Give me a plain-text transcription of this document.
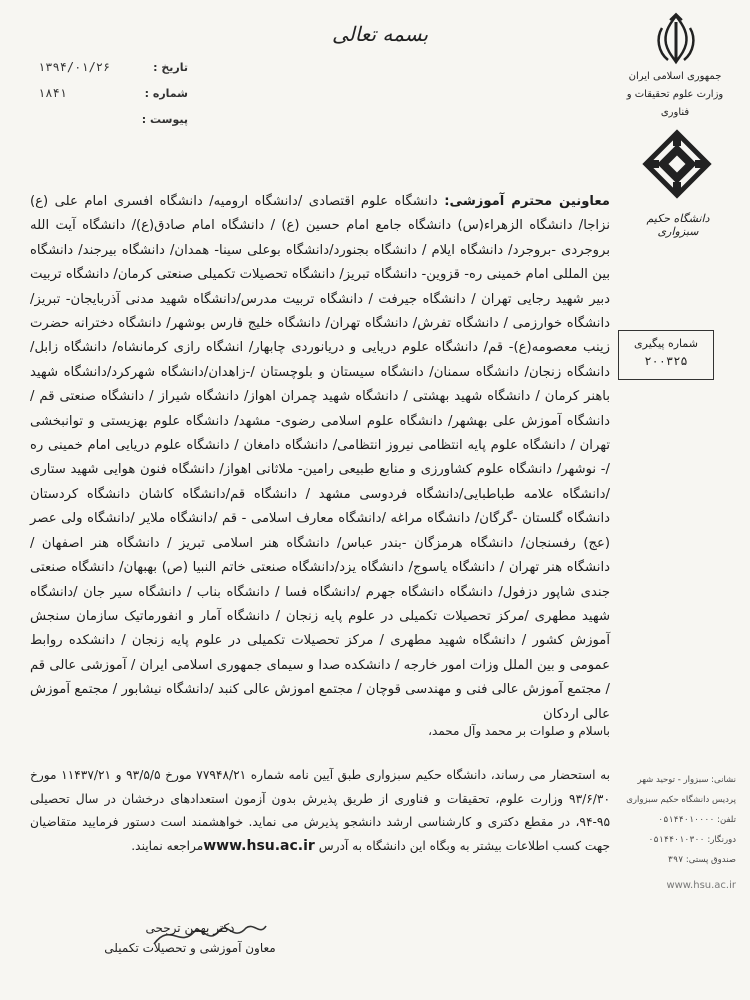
بسمه تعالی
تاریخ :
۱۳۹۴/۰۱/۲۶
شماره :
۱۸۴۱
پیوست :
جمهوری اسلامی ایران
وزارت علوم تحقیقات و فناوری
دانشگاه حکیم سبزواری
شماره پیگیری
۲۰۰۳۲۵
معاونین محترم آموزشی: دانشگاه علوم اقتصادی /دانشگاه ارومیه/ دانشگاه افسری امام علی (ع) نزاجا/ دانشگاه الزهراء(س) دانشگاه جامع امام حسین (ع) / دانشگاه امام صادق(ع)/ دانشگاه آیت الله بروجردی -بروجرد/ دانشگاه ایلام / دانشگاه بجنورد/دانشگاه بوعلی سینا- همدان/ دانشگاه بیرجند/ دانشگاه بین المللی امام خمینی ره- قزوین- دانشگاه تبریز/ دانشگاه تحصیلات تکمیلی صنعتی کرمان/ دانشگاه تربیت دبیر شهید رجایی تهران / دانشگاه جیرفت / دانشگاه تربیت مدرس/دانشگاه شهید مدنی آذربایجان- تبریز/ دانشگاه خوارزمی / دانشگاه تفرش/ دانشگاه تهران/ دانشگاه خلیج فارس بوشهر/ دانشگاه دخترانه حضرت زینب معصومه(ع)- قم/ دانشگاه علوم دریایی و دریانوردی چابهار/ انشگاه رازی کرمانشاه/ دانشگاه زابل/ دانشگاه زنجان/ دانشگاه سمنان/ دانشگاه سیستان و بلوچستان /-زاهدان/دانشگاه شهرکرد/دانشگاه شهید باهنر کرمان / دانشگاه شهید بهشتی / دانشگاه شهید چمران اهواز/ دانشگاه شیراز / دانشگاه صنعتی قم / دانشگاه آموزش علی بهشهر/ دانشگاه علوم اسلامی رضوی- مشهد/ دانشگاه علوم بهزیستی و توانبخشی تهران / دانشگاه علوم پایه انتظامی نیروز انتظامی/ دانشگاه دامغان / دانشگاه علوم دریایی امام خمینی ره /- نوشهر/ دانشگاه علوم کشاورزی و منابع طبیعی رامین- ملاثانی اهواز/ دانشگاه فنون هوایی شهید ستاری /دانشگاه علامه طباطبایی/دانشگاه فردوسی مشهد / دانشگاه قم/دانشگاه کاشان دانشگاه کردستان دانشگاه گلستان -گرگان/ دانشگاه مراغه /دانشگاه معارف اسلامی - قم /دانشگاه ملایر /دانشگاه ولی عصر (عج) رفسنجان/ دانشگاه هرمزگان -بندر عباس/ دانشگاه هنر اسلامی تبریز / دانشگاه هنر اصفهان / دانشگاه هنر تهران / دانشگاه یاسوج/ دانشگاه یزد/دانشگاه صنعتی خاتم النبیا (ص) بهبهان/ دانشگاه صنعتی جندی شاپور دزفول/ دانشگاه دانشگاه جهرم /دانشگاه فسا / دانشگاه بناب / دانشگاه سیر جان /دانشگاه شهید مطهری /مرکز تحصیلات تکمیلی در علوم پایه زنجان / دانشگاه آمار و انفورماتیک سازمان سنجش آموزش کشور / دانشگاه شهید مطهری / مرکز تحصیلات تکمیلی در علوم پایه زنجان / دانشکده روابط عمومی و بین الملل وزات امور خارجه / دانشکده صدا و سیمای جمهوری اسلامی ایران / آموزشی عالی قم / مجتمع آموزش عالی فنی و مهندسی قوچان / مجتمع اموزش عالی کنبد /دانشگاه نیشابور / مجتمع آموزش عالی اردکان
باسلام و صلوات بر محمد وآل محمد،
به استحضار می رساند، دانشگاه حکیم سبزواری طبق آیین نامه شماره ۷۷۹۴۸/۲۱ مورخ ۹۳/۵/۵ و ۱۱۴۳۷/۲۱ مورخ ۹۳/۶/۳۰ وزارت علوم، تحقیقات و فناوری از طریق پذیرش بدون آزمون استعدادهای درخشان در سال تحصیلی ۹۵-۹۴، در مقطع دکتری و کارشناسی ارشد دانشجو پذیرش می نماید. خواهشمند است دستور فرمایید متقاضیان جهت کسب اطلاعات بیشتر به وبگاه این دانشگاه به آدرس www.hsu.ac.irمراجعه نمایند.
نشانی: سبزوار - توحید شهر
پردیس دانشگاه حکیم سبزواری
تلفن: ۰۵۱۴۴۰۱۰۰۰۰
دورنگار: ۰۵۱۴۴۰۱۰۳۰۰
صندوق پستی: ۳۹۷
www.hsu.ac.ir
دکتر بهمن ترجحی
معاون آموزشی و تحصیلات تکمیلی
